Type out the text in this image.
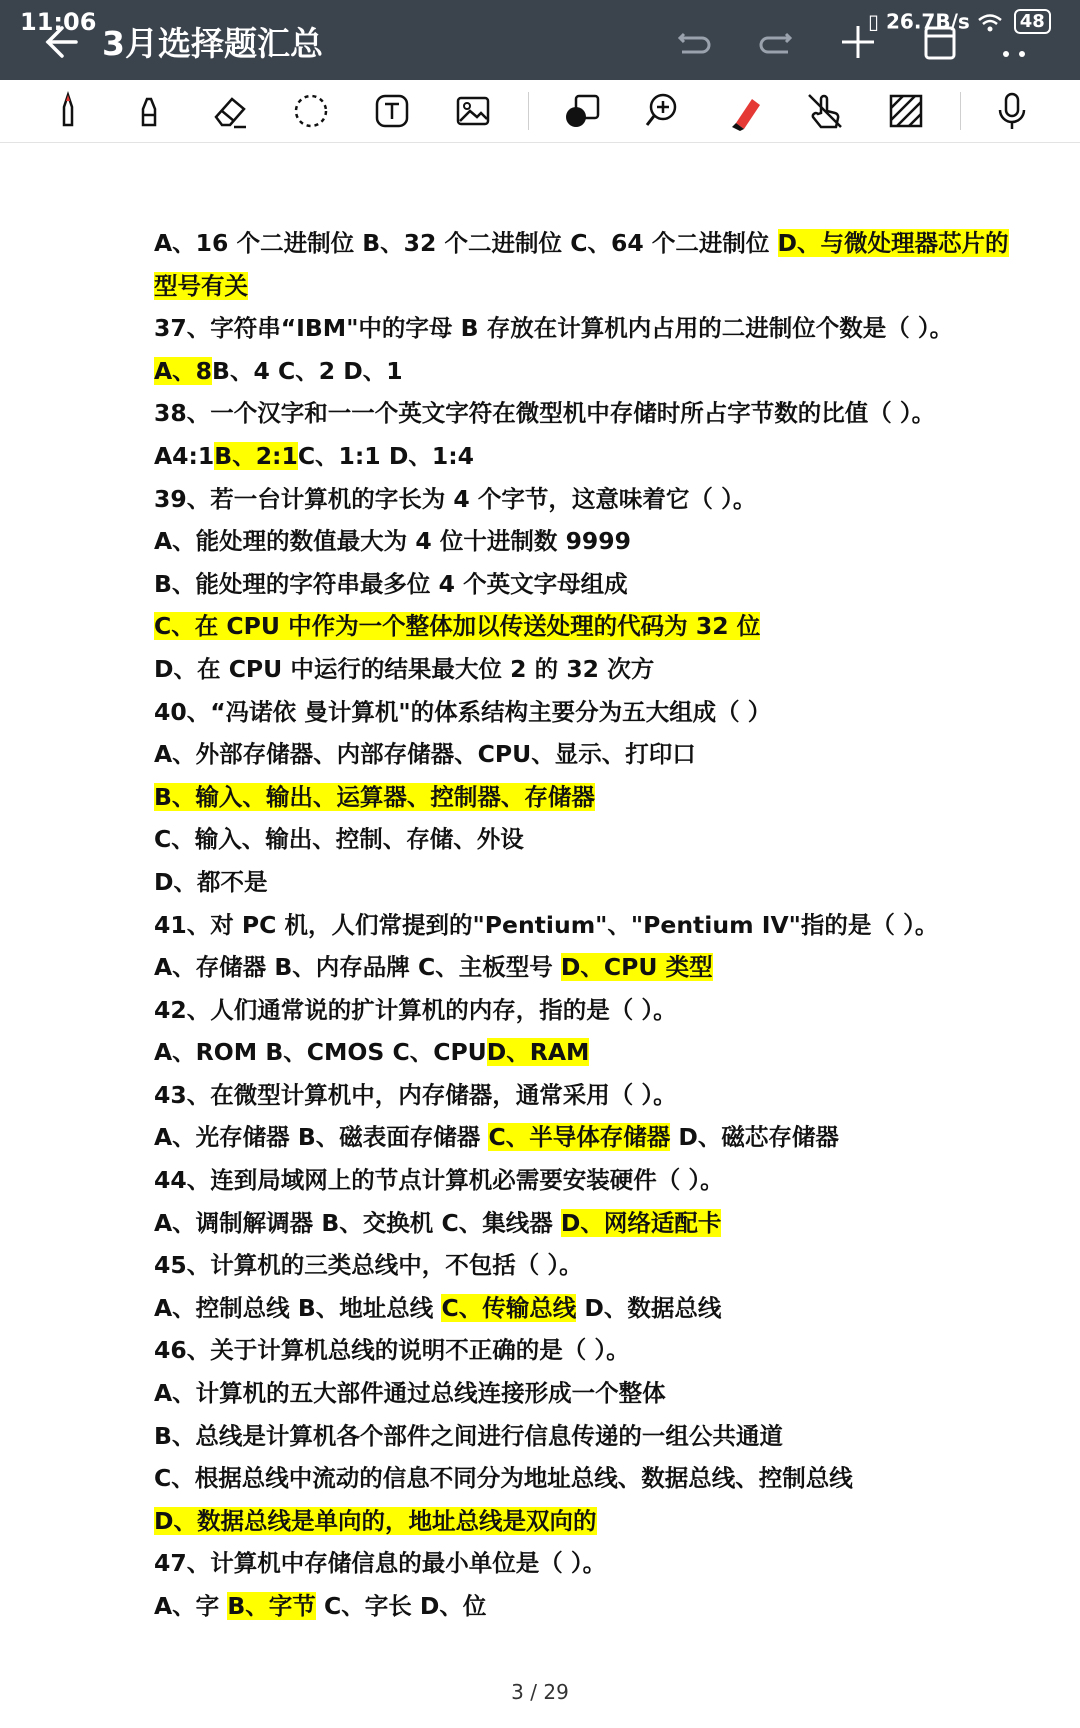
11:06
3月选择题汇总
▯ 26.7B/s	48
A、16 个二进制位 B、32 个二进制位 C、64 个二进制位 D、与微处理器芯片的
型号有关
37、字符串“IBM"中的字母 B 存放在计算机内占用的二进制位个数是（ ）。
A、8B、4 C、2 D、1
38、一个汉字和一一个英文字符在微型机中存储时所占字节数的比值（ ）。
A4:1B、2:1C、1:1 D、1:4
39、若一台计算机的字长为 4 个字节，这意味着它（ ）。
A、能处理的数值最大为 4 位十进制数 9999
B、能处理的字符串最多位 4 个英文字母组成
C、在 CPU 中作为一个整体加以传送处理的代码为 32 位
D、在 CPU 中运行的结果最大位 2 的 32 次方
40、“冯诺依 曼计算机"的体系结构主要分为五大组成（ ）
A、外部存储器、内部存储器、CPU、显示、打印口
B、输入、输出、运算器、控制器、存储器
C、输入、输出、控制、存储、外设
D、都不是
41、对 PC 机，人们常提到的"Pentium"、"Pentium IV"指的是（ ）。
A、存储器 B、内存品牌 C、主板型号 D、CPU 类型
42、人们通常说的扩计算机的内存，指的是（ ）。
A、ROM B、CMOS C、CPUD、RAM
43、在微型计算机中，内存储器，通常采用（ ）。
A、光存储器 B、磁表面存储器 C、半导体存储器 D、磁芯存储器
44、连到局域网上的节点计算机必需要安装硬件（ ）。
A、调制解调器 B、交换机 C、集线器 D、网络适配卡
45、计算机的三类总线中，不包括（ ）。
A、控制总线 B、地址总线 C、传输总线 D、数据总线
46、关于计算机总线的说明不正确的是（ ）。
A、计算机的五大部件通过总线连接形成一个整体
B、总线是计算机各个部件之间进行信息传递的一组公共通道
C、根据总线中流动的信息不同分为地址总线、数据总线、控制总线
D、数据总线是单向的，地址总线是双向的
47、计算机中存储信息的最小单位是（ ）。
A、字 B、字节 C、字长 D、位
3 / 29
